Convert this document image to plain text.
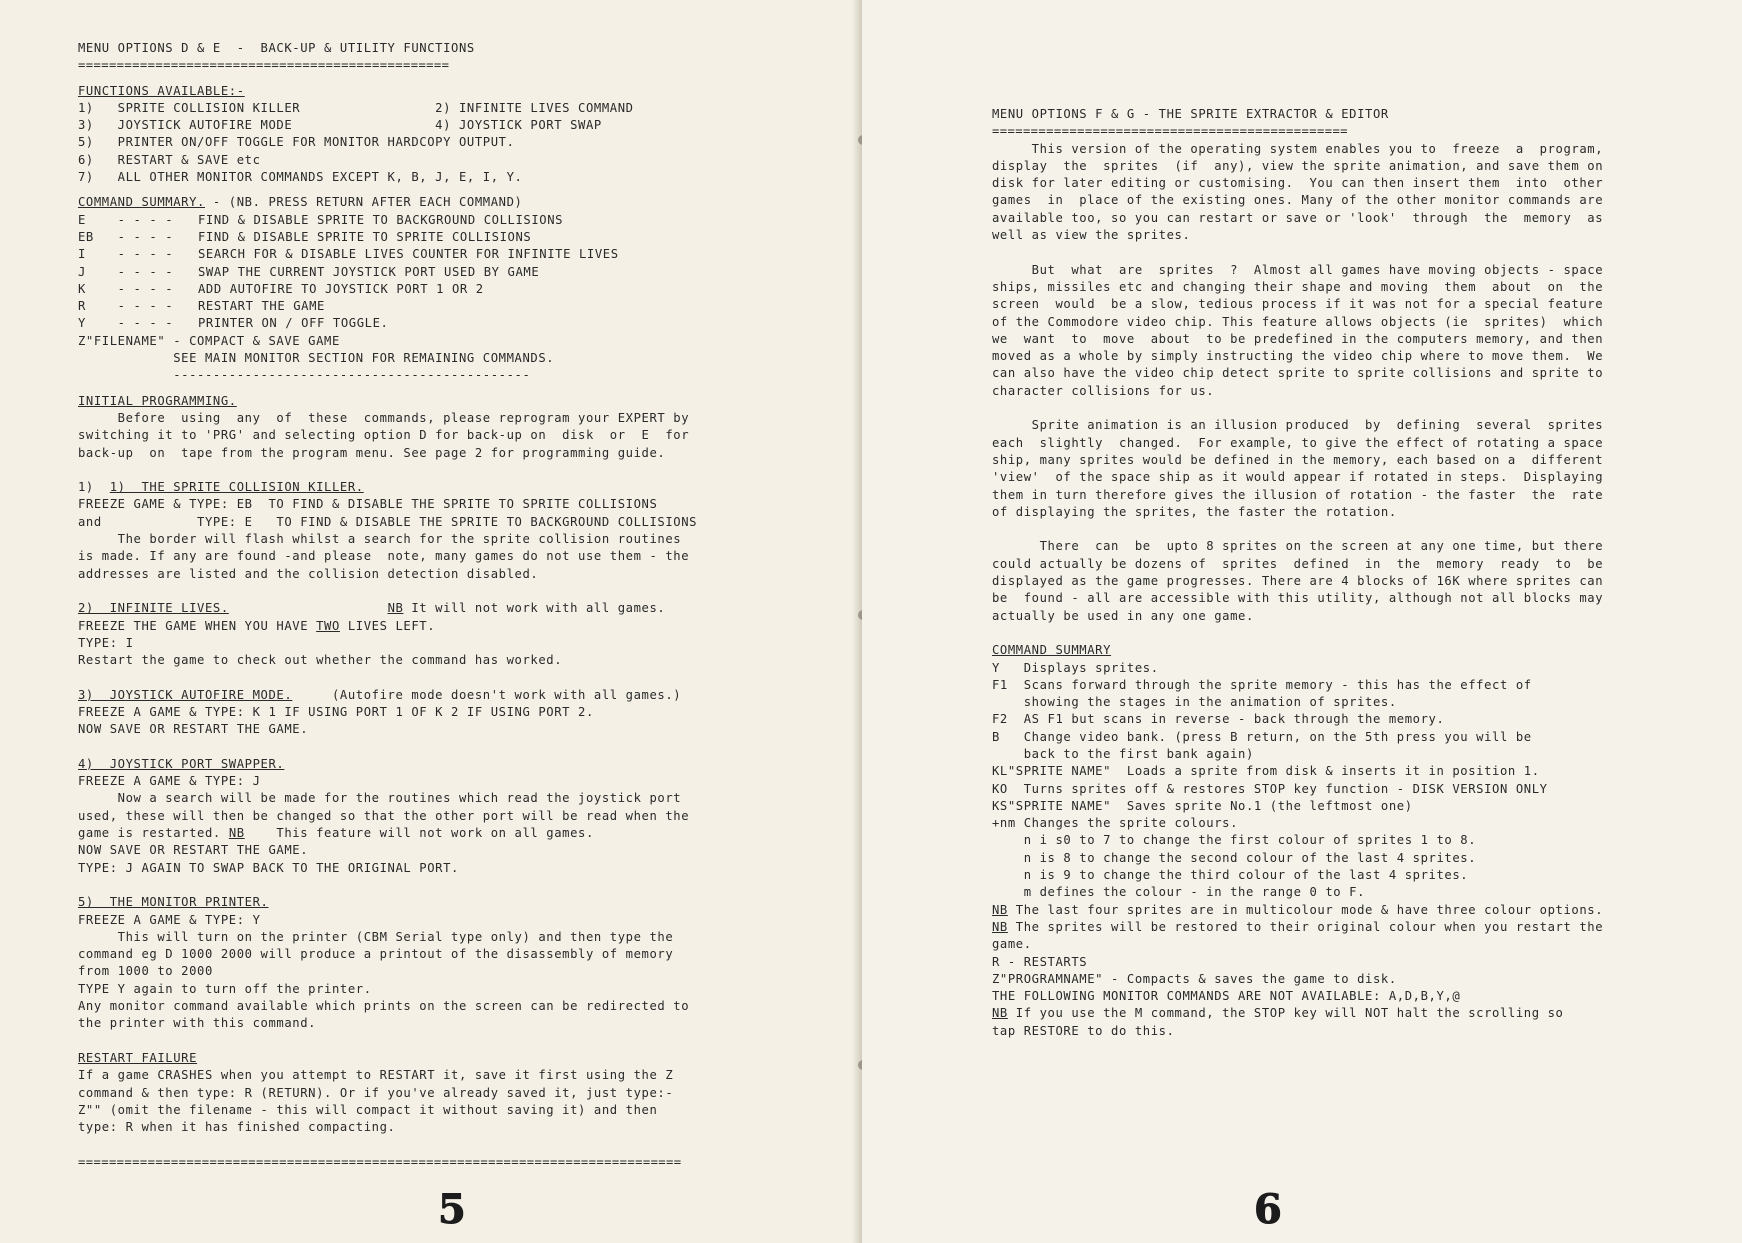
MENU OPTIONS D & E  -  BACK-UP & UTILITY FUNCTIONS
================================================
FUNCTIONS AVAILABLE:-
1)   SPRITE COLLISION KILLER                 2) INFINITE LIVES COMMAND
3)   JOYSTICK AUTOFIRE MODE                  4) JOYSTICK PORT SWAP
5)   PRINTER ON/OFF TOGGLE FOR MONITOR HARDCOPY OUTPUT.
6)   RESTART & SAVE etc
7)   ALL OTHER MONITOR COMMANDS EXCEPT K, B, J, E, I, Y.
COMMAND SUMMARY. - (NB. PRESS RETURN AFTER EACH COMMAND)
E    - - - -	FIND & DISABLE SPRITE TO BACKGROUND COLLISIONS
EB   - - - -	FIND & DISABLE SPRITE TO SPRITE COLLISIONS
I    - - - -	SEARCH FOR & DISABLE LIVES COUNTER FOR INFINITE LIVES
J    - - - -	SWAP THE CURRENT JOYSTICK PORT USED BY GAME
K    - - - -	ADD AUTOFIRE TO JOYSTICK PORT 1 OR 2
R    - - - -	RESTART THE GAME
Y    - - - -	PRINTER ON / OFF TOGGLE.
Z"FILENAME" - COMPACT & SAVE GAME
SEE MAIN MONITOR SECTION FOR REMAINING COMMANDS.
---------------------------------------------
INITIAL PROGRAMMING.
Before  using  any  of  these  commands, please reprogram your EXPERT by
switching it to 'PRG' and selecting option D for back-up on  disk  or  E  for
back-up  on  tape from the program menu. See page 2 for programming guide.
1)  1)  THE SPRITE COLLISION KILLER.
FREEZE GAME & TYPE: EB  TO FIND & DISABLE THE SPRITE TO SPRITE COLLISIONS
and            TYPE: E   TO FIND & DISABLE THE SPRITE TO BACKGROUND COLLISIONS
The border will flash whilst a search for the sprite collision routines
is made. If any are found -and please  note, many games do not use them - the
addresses are listed and the collision detection disabled.
2)  INFINITE LIVES.	NB It will not work with all games.
FREEZE THE GAME WHEN YOU HAVE TWO LIVES LEFT.
TYPE: I
Restart the game to check out whether the command has worked.
3)  JOYSTICK AUTOFIRE MODE.     (Autofire mode doesn't work with all games.)
FREEZE A GAME & TYPE: K 1 IF USING PORT 1 OF K 2 IF USING PORT 2.
NOW SAVE OR RESTART THE GAME.
4)  JOYSTICK PORT SWAPPER.
FREEZE A GAME & TYPE: J
Now a search will be made for the routines which read the joystick port
used, these will then be changed so that the other port will be read when the
game is restarted. NB    This feature will not work on all games.
NOW SAVE OR RESTART THE GAME.
TYPE: J AGAIN TO SWAP BACK TO THE ORIGINAL PORT.
5)  THE MONITOR PRINTER.
FREEZE A GAME & TYPE: Y
This will turn on the printer (CBM Serial type only) and then type the
command eg D 1000 2000 will produce a printout of the disassembly of memory
from 1000 to 2000
TYPE Y again to turn off the printer.
Any monitor command available which prints on the screen can be redirected to
the printer with this command.
RESTART FAILURE
If a game CRASHES when you attempt to RESTART it, save it first using the Z
command & then type: R (RETURN). Or if you've already saved it, just type:-
Z"" (omit the filename - this will compact it without saving it) and then
type: R when it has finished compacting.
==============================================================================
5
MENU OPTIONS F & G - THE SPRITE EXTRACTOR & EDITOR
==============================================
This version of the operating system enables you to  freeze  a  program,
display  the  sprites  (if  any), view the sprite animation, and save them on
disk for later editing or customising.  You can then insert them  into  other
games  in  place of the existing ones. Many of the other monitor commands are
available too, so you can restart or save or 'look'  through  the  memory  as
well as view the sprites.
But  what  are  sprites  ?  Almost all games have moving objects - space
ships, missiles etc and changing their shape and moving  them  about  on  the
screen  would  be a slow, tedious process if it was not for a special feature
of the Commodore video chip. This feature allows objects (ie  sprites)  which
we  want  to  move  about  to be predefined in the computers memory, and then
moved as a whole by simply instructing the video chip where to move them.  We
can also have the video chip detect sprite to sprite collisions and sprite to
character collisions for us.
Sprite animation is an illusion produced  by  defining  several  sprites
each  slightly  changed.  For example, to give the effect of rotating a space
ship, many sprites would be defined in the memory, each based on a  different
'view'  of the space ship as it would appear if rotated in steps.  Displaying
them in turn therefore gives the illusion of rotation - the faster  the  rate
of displaying the sprites, the faster the rotation.
There  can  be  upto 8 sprites on the screen at any one time, but there
could actually be dozens of  sprites  defined  in  the  memory  ready  to  be
displayed as the game progresses. There are 4 blocks of 16K where sprites can
be  found - all are accessible with this utility, although not all blocks may
actually be used in any one game.
COMMAND SUMMARY
Y   Displays sprites.
F1  Scans forward through the sprite memory - this has the effect of
showing the stages in the animation of sprites.
F2  AS F1 but scans in reverse - back through the memory.
B   Change video bank. (press B return, on the 5th press you will be
back to the first bank again)
KL"SPRITE NAME"  Loads a sprite from disk & inserts it in position 1.
KO  Turns sprites off & restores STOP key function - DISK VERSION ONLY
KS"SPRITE NAME"  Saves sprite No.1 (the leftmost one)
+nm Changes the sprite colours.
n i s0 to 7 to change the first colour of sprites 1 to 8.
n is 8 to change the second colour of the last 4 sprites.
n is 9 to change the third colour of the last 4 sprites.
m defines the colour - in the range 0 to F.
NB The last four sprites are in multicolour mode & have three colour options.
NB The sprites will be restored to their original colour when you restart the
game.
R - RESTARTS
Z"PROGRAMNAME" - Compacts & saves the game to disk.
THE FOLLOWING MONITOR COMMANDS ARE NOT AVAILABLE: A,D,B,Y,@
NB If you use the M command, the STOP key will NOT halt the scrolling so
tap RESTORE to do this.
6
